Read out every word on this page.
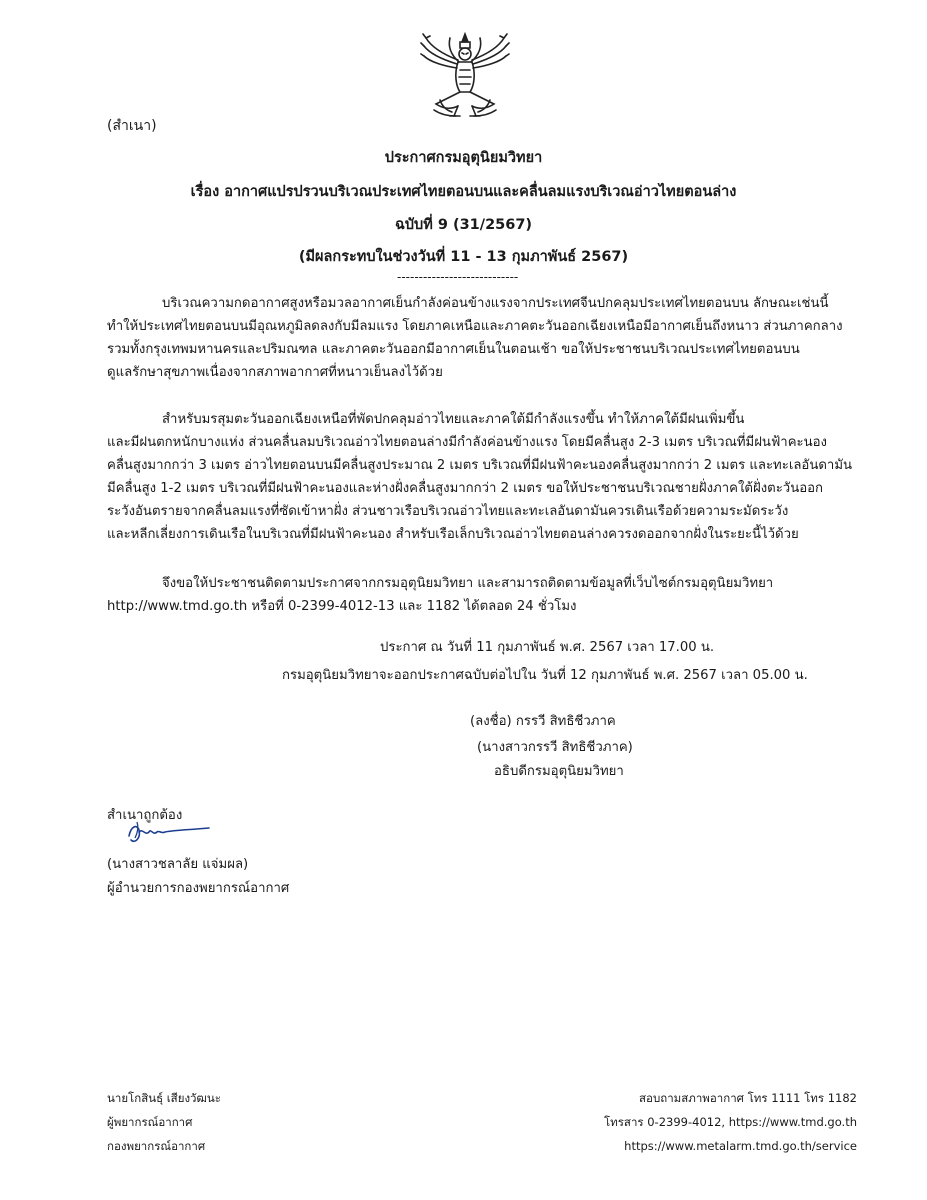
(สำเนา)
ประกาศกรมอุตุนิยมวิทยา
เรื่อง อากาศแปรปรวนบริเวณประเทศไทยตอนบนและคลื่นลมแรงบริเวณอ่าวไทยตอนล่าง
ฉบับที่ 9 (31/2567)
(มีผลกระทบในช่วงวันที่ 11 - 13 กุมภาพันธ์ 2567)
----------------------------
บริเวณความกดอากาศสูงหรือมวลอากาศเย็นกำลังค่อนข้างแรงจากประเทศจีนปกคลุมประเทศไทยตอนบน ลักษณะเช่นนี้
ทำให้ประเทศไทยตอนบนมีอุณหภูมิลดลงกับมีลมแรง โดยภาคเหนือและภาคตะวันออกเฉียงเหนือมีอากาศเย็นถึงหนาว ส่วนภาคกลาง
รวมทั้งกรุงเทพมหานครและปริมณฑล และภาคตะวันออกมีอากาศเย็นในตอนเช้า ขอให้ประชาชนบริเวณประเทศไทยตอนบน
ดูแลรักษาสุขภาพเนื่องจากสภาพอากาศที่หนาวเย็นลงไว้ด้วย
สำหรับมรสุมตะวันออกเฉียงเหนือที่พัดปกคลุมอ่าวไทยและภาคใต้มีกำลังแรงขึ้น ทำให้ภาคใต้มีฝนเพิ่มขึ้น
และมีฝนตกหนักบางแห่ง ส่วนคลื่นลมบริเวณอ่าวไทยตอนล่างมีกำลังค่อนข้างแรง โดยมีคลื่นสูง 2-3 เมตร บริเวณที่มีฝนฟ้าคะนอง
คลื่นสูงมากกว่า 3 เมตร อ่าวไทยตอนบนมีคลื่นสูงประมาณ 2 เมตร บริเวณที่มีฝนฟ้าคะนองคลื่นสูงมากกว่า 2 เมตร และทะเลอันดามัน
มีคลื่นสูง 1-2 เมตร บริเวณที่มีฝนฟ้าคะนองและห่างฝั่งคลื่นสูงมากกว่า 2 เมตร ขอให้ประชาชนบริเวณชายฝั่งภาคใต้ฝั่งตะวันออก
ระวังอันตรายจากคลื่นลมแรงที่ซัดเข้าหาฝั่ง ส่วนชาวเรือบริเวณอ่าวไทยและทะเลอันดามันควรเดินเรือด้วยความระมัดระวัง
และหลีกเลี่ยงการเดินเรือในบริเวณที่มีฝนฟ้าคะนอง สำหรับเรือเล็กบริเวณอ่าวไทยตอนล่างควรงดออกจากฝั่งในระยะนี้ไว้ด้วย
จึงขอให้ประชาชนติดตามประกาศจากกรมอุตุนิยมวิทยา และสามารถติดตามข้อมูลที่เว็บไซต์กรมอุตุนิยมวิทยา
http://www.tmd.go.th หรือที่ 0-2399-4012-13 และ 1182 ได้ตลอด 24 ชั่วโมง
ประกาศ ณ วันที่ 11 กุมภาพันธ์ พ.ศ. 2567 เวลา 17.00 น.
กรมอุตุนิยมวิทยาจะออกประกาศฉบับต่อไปใน วันที่ 12 กุมภาพันธ์ พ.ศ. 2567 เวลา 05.00 น.
(ลงชื่อ) กรรวี สิทธิชีวภาค
(นางสาวกรรวี สิทธิชีวภาค)
อธิบดีกรมอุตุนิยมวิทยา
สำเนาถูกต้อง
(นางสาวชลาลัย แจ่มผล)
ผู้อำนวยการกองพยากรณ์อากาศ
นายโกสินธุ์ เสียงวัฒนะ
ผู้พยากรณ์อากาศ
กองพยากรณ์อากาศ
สอบถามสภาพอากาศ โทร 1111 โทร 1182
โทรสาร 0-2399-4012, https://www.tmd.go.th
https://www.metalarm.tmd.go.th/service
